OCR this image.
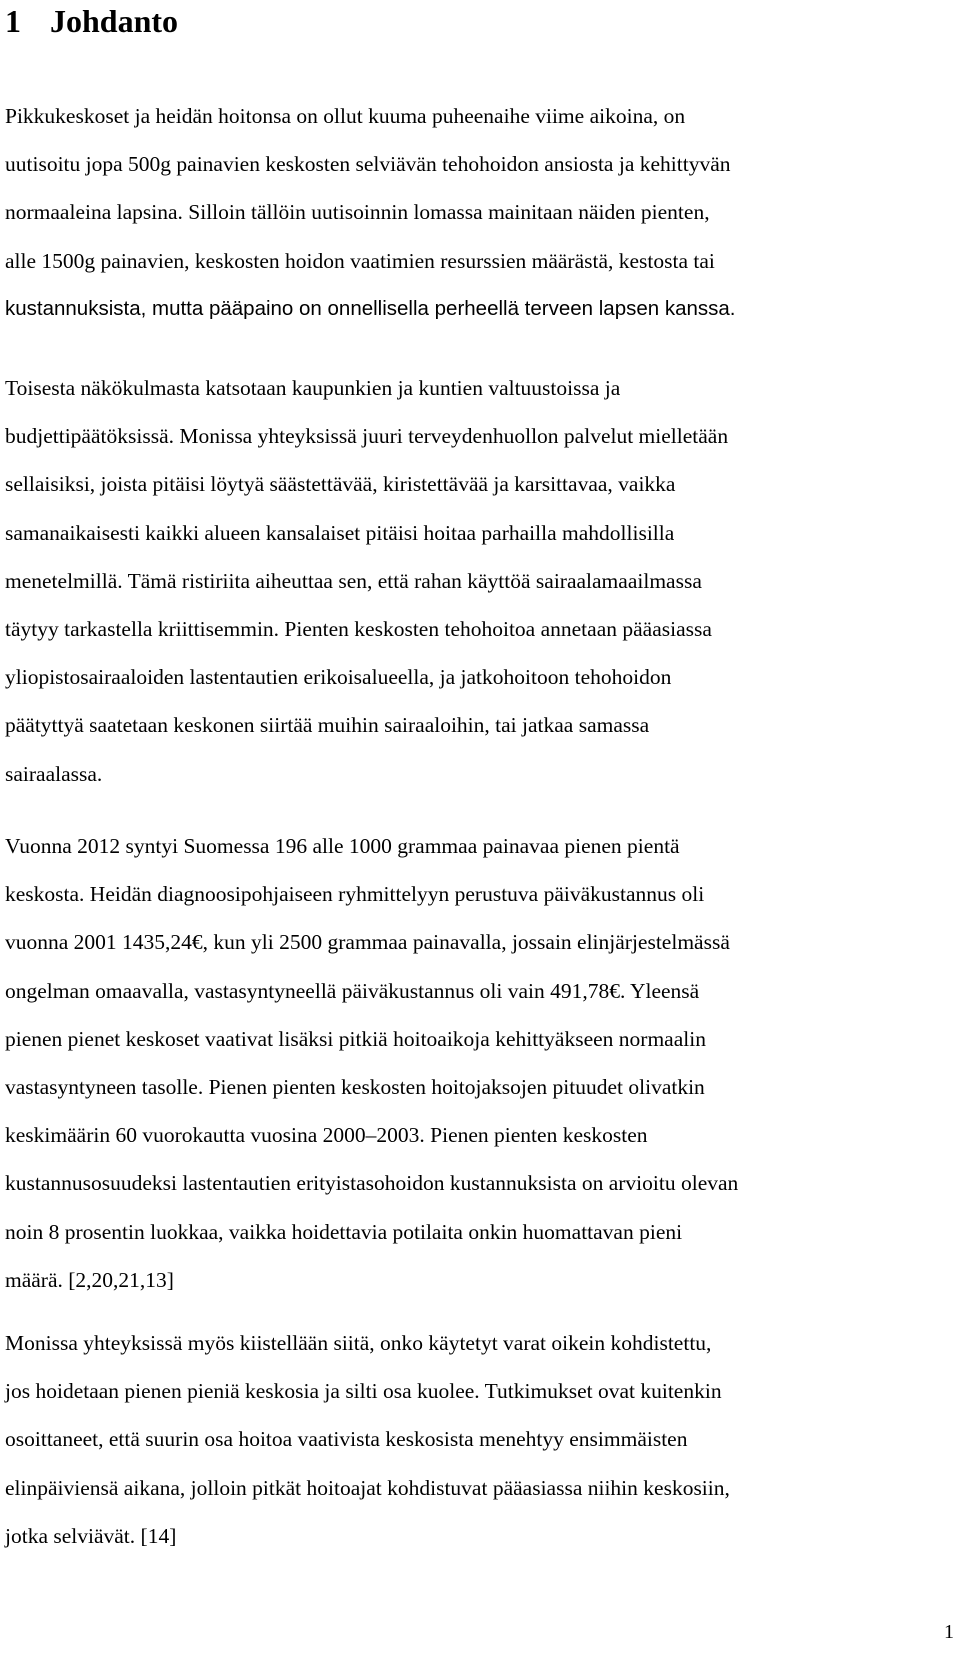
1 Johdanto
Pikkukeskoset ja heidän hoitonsa on ollut kuuma puheenaihe viime aikoina, on
uutisoitu jopa 500g painavien keskosten selviävän tehohoidon ansiosta ja kehittyvän
normaaleina lapsina. Silloin tällöin uutisoinnin lomassa mainitaan näiden pienten,
alle 1500g painavien, keskosten hoidon vaatimien resurssien määrästä, kestosta tai
kustannuksista, mutta pääpaino on onnellisella perheellä terveen lapsen kanssa.
Toisesta näkökulmasta katsotaan kaupunkien ja kuntien valtuustoissa ja
budjettipäätöksissä. Monissa yhteyksissä juuri terveydenhuollon palvelut mielletään
sellaisiksi, joista pitäisi löytyä säästettävää, kiristettävää ja karsittavaa, vaikka
samanaikaisesti kaikki alueen kansalaiset pitäisi hoitaa parhailla mahdollisilla
menetelmillä. Tämä ristiriita aiheuttaa sen, että rahan käyttöä sairaalamaailmassa
täytyy tarkastella kriittisemmin. Pienten keskosten tehohoitoa annetaan pääasiassa
yliopistosairaaloiden lastentautien erikoisalueella, ja jatkohoitoon tehohoidon
päätyttyä saatetaan keskonen siirtää muihin sairaaloihin, tai jatkaa samassa
sairaalassa.
Vuonna 2012 syntyi Suomessa 196 alle 1000 grammaa painavaa pienen pientä
keskosta. Heidän diagnoosipohjaiseen ryhmittelyyn perustuva päiväkustannus oli
vuonna 2001 1435,24€, kun yli 2500 grammaa painavalla, jossain elinjärjestelmässä
ongelman omaavalla, vastasyntyneellä päiväkustannus oli vain 491,78€. Yleensä
pienen pienet keskoset vaativat lisäksi pitkiä hoitoaikoja kehittyäkseen normaalin
vastasyntyneen tasolle. Pienen pienten keskosten hoitojaksojen pituudet olivatkin
keskimäärin 60 vuorokautta vuosina 2000–2003. Pienen pienten keskosten
kustannusosuudeksi lastentautien erityistasohoidon kustannuksista on arvioitu olevan
noin 8 prosentin luokkaa, vaikka hoidettavia potilaita onkin huomattavan pieni
määrä. [2,20,21,13]
Monissa yhteyksissä myös kiistellään siitä, onko käytetyt varat oikein kohdistettu,
jos hoidetaan pienen pieniä keskosia ja silti osa kuolee. Tutkimukset ovat kuitenkin
osoittaneet, että suurin osa hoitoa vaativista keskosista menehtyy ensimmäisten
elinpäiviensä aikana, jolloin pitkät hoitoajat kohdistuvat pääasiassa niihin keskosiin,
jotka selviävät. [14]
1
